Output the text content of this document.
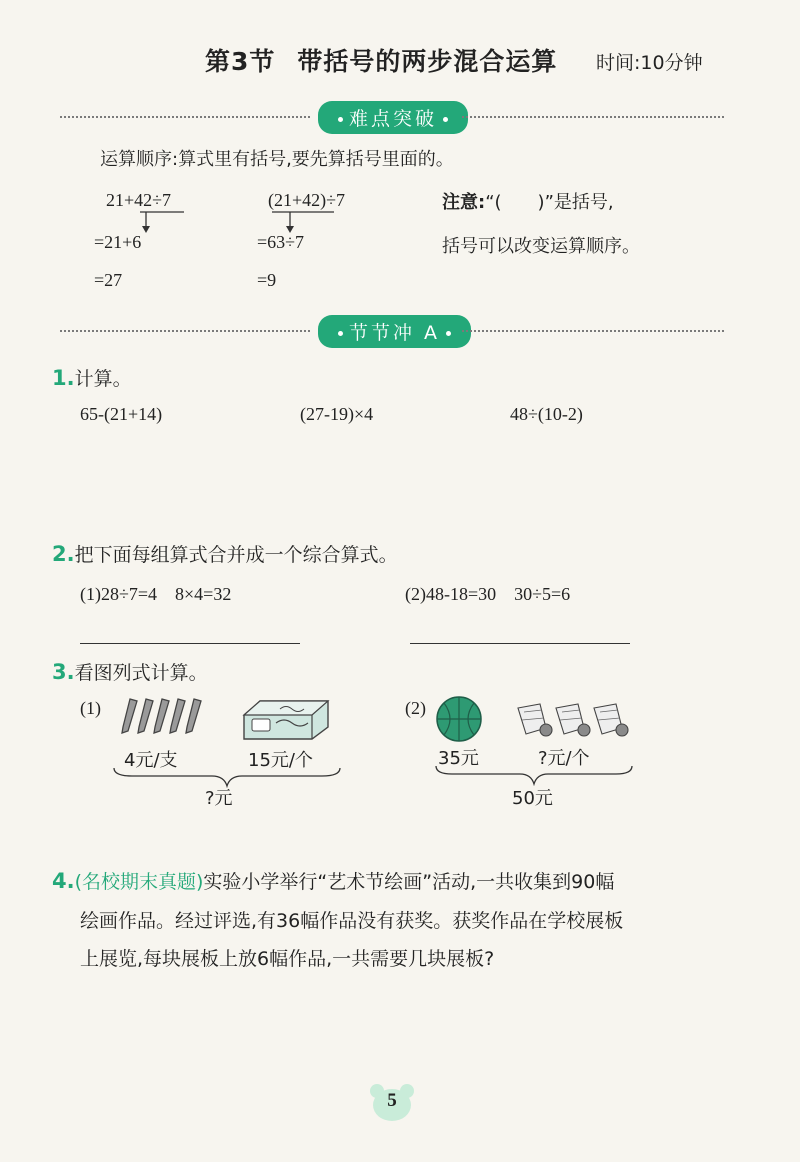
第3节 带括号的两步混合运算 时间:10分钟
难点突破
运算顺序:算式里有括号,要先算括号里面的。
21+42÷7
=21+6
=27
(21+42)÷7
=63÷7
=9
注意:“(　　)”是括号,
括号可以改变运算顺序。
节节冲 A
1.计算。
65-(21+14)	(27-19)×4	48÷(10-2)
2.把下面每组算式合并成一个综合算式。
(1)28÷7=4　8×4=32	(2)48-18=30　30÷5=6
3.看图列式计算。
(1)
4元/支	15元/个
?元
(2)
35元	?元/个
50元
4.(名校期末真题)实验小学举行“艺术节绘画”活动,一共收集到90幅
绘画作品。经过评选,有36幅作品没有获奖。获奖作品在学校展板
上展览,每块展板上放6幅作品,一共需要几块展板?
5
